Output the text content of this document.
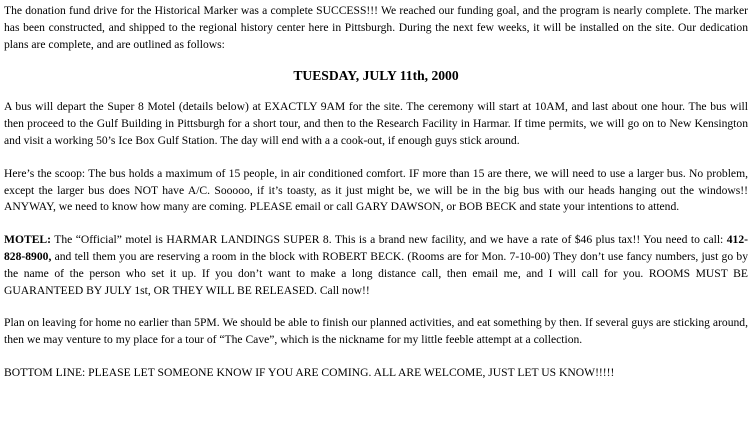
The donation fund drive for the Historical Marker was a complete SUCCESS!!! We reached our funding goal, and the program is nearly complete. The marker has been constructed, and shipped to the regional history center here in Pittsburgh. During the next few weeks, it will be installed on the site. Our dedication plans are complete, and are outlined as follows:

TUESDAY, JULY 11th, 2000

A bus will depart the Super 8 Motel (details below) at EXACTLY 9AM for the site. The ceremony will start at 10AM, and last about one hour. The bus will then proceed to the Gulf Building in Pittsburgh for a short tour, and then to the Research Facility in Harmar. If time permits, we will go on to New Kensington and visit a working 50’s Ice Box Gulf Station. The day will end with a a cook-out, if enough guys stick around.

Here’s the scoop: The bus holds a maximum of 15 people, in air conditioned comfort. IF more than 15 are there, we will need to use a larger bus. No problem, except the larger bus does NOT have A/C. Sooooo, if it’s toasty, as it just might be, we will be in the big bus with our heads hanging out the windows!! ANYWAY, we need to know how many are coming. PLEASE email or call GARY DAWSON, or BOB BECK and state your intentions to attend.

MOTEL: The “Official” motel is HARMAR LANDINGS SUPER 8. This is a brand new facility, and we have a rate of $46 plus tax!! You need to call: 412-828-8900, and tell them you are reserving a room in the block with ROBERT BECK. (Rooms are for Mon. 7-10-00) They don’t use fancy numbers, just go by the name of the person who set it up. If you don’t want to make a long distance call, then email me, and I will call for you. ROOMS MUST BE GUARANTEED BY JULY 1st, OR THEY WILL BE RELEASED. Call now!!

Plan on leaving for home no earlier than 5PM. We should be able to finish our planned activities, and eat something by then. If several guys are sticking around, then we may venture to my place for a tour of “The Cave”, which is the nickname for my little feeble attempt at a collection.

BOTTOM LINE: PLEASE LET SOMEONE KNOW IF YOU ARE COMING. ALL ARE WELCOME, JUST LET US KNOW!!!!!
